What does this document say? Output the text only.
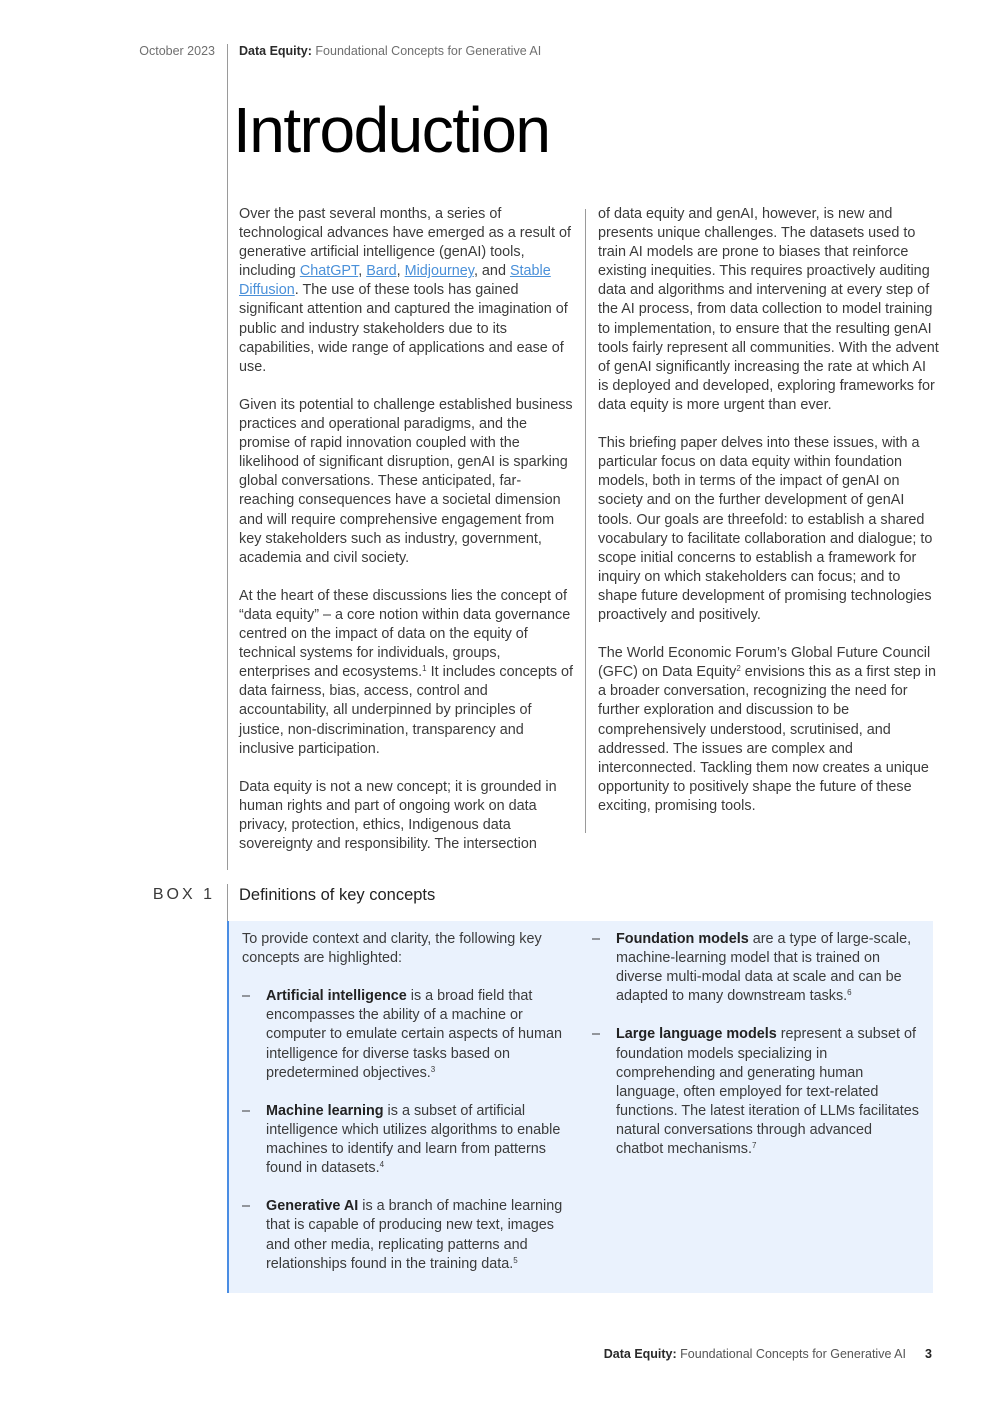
October 2023 Data Equity: Foundational Concepts for Generative AI
Introduction

Over the past several months, a series of technological advances have emerged as a result of generative artificial intelligence (genAI) tools, including ChatGPT, Bard, Midjourney, and Stable Diffusion. The use of these tools has gained significant attention and captured the imagination of public and industry stakeholders due to its capabilities, wide range of applications and ease of use.

Given its potential to challenge established business practices and operational paradigms, and the promise of rapid innovation coupled with the likelihood of significant disruption, genAI is sparking global conversations. These anticipated, far-reaching consequences have a societal dimension and will require comprehensive engagement from key stakeholders such as industry, government, academia and civil society.

At the heart of these discussions lies the concept of “data equity” – a core notion within data governance centred on the impact of data on the equity of technical systems for individuals, groups, enterprises and ecosystems.$^1$ It includes concepts of data fairness, bias, access, control and accountability, all underpinned by principles of justice, non-discrimination, transparency and inclusive participation.

Data equity is not a new concept; it is grounded in human rights and part of ongoing work on data privacy, protection, ethics, Indigenous data sovereignty and responsibility. The intersection

of data equity and genAI, however, is new and presents unique challenges. The datasets used to train AI models are prone to biases that reinforce existing inequities. This requires proactively auditing data and algorithms and intervening at every step of the AI process, from data collection to model training to implementation, to ensure that the resulting genAI tools fairly represent all communities. With the advent of genAI significantly increasing the rate at which AI is deployed and developed, exploring frameworks for data equity is more urgent than ever.

This briefing paper delves into these issues, with a particular focus on data equity within foundation models, both in terms of the impact of genAI on society and on the further development of genAI tools. Our goals are threefold: to establish a shared vocabulary to facilitate collaboration and dialogue; to scope initial concerns to establish a framework for inquiry on which stakeholders can focus; and to shape future development of promising technologies proactively and positively.

The World Economic Forum’s Global Future Council (GFC) on Data Equity$^2$ envisions this as a first step in a broader conversation, recognizing the need for further exploration and discussion to be comprehensively understood, scrutinised, and addressed. The issues are complex and interconnected. Tackling them now creates a unique opportunity to positively shape the future of these exciting, promising tools.

BOX 1 Definitions of key concepts

To provide context and clarity, the following key concepts are highlighted:

– Artificial intelligence is a broad field that encompasses the ability of a machine or computer to emulate certain aspects of human intelligence for diverse tasks based on predetermined objectives.$^3$
– Machine learning is a subset of artificial intelligence which utilizes algorithms to enable machines to identify and learn from patterns found in datasets.$^4$
– Generative AI is a branch of machine learning that is capable of producing new text, images and other media, replicating patterns and relationships found in the training data.$^5$
– Foundation models are a type of large-scale, machine-learning model that is trained on diverse multi-modal data at scale and can be adapted to many downstream tasks.$^6$
– Large language models represent a subset of foundation models specializing in comprehending and generating human language, often employed for text-related functions. The latest iteration of LLMs facilitates natural conversations through advanced chatbot mechanisms.$^7$
Data Equity: Foundational Concepts for Generative AI 3
